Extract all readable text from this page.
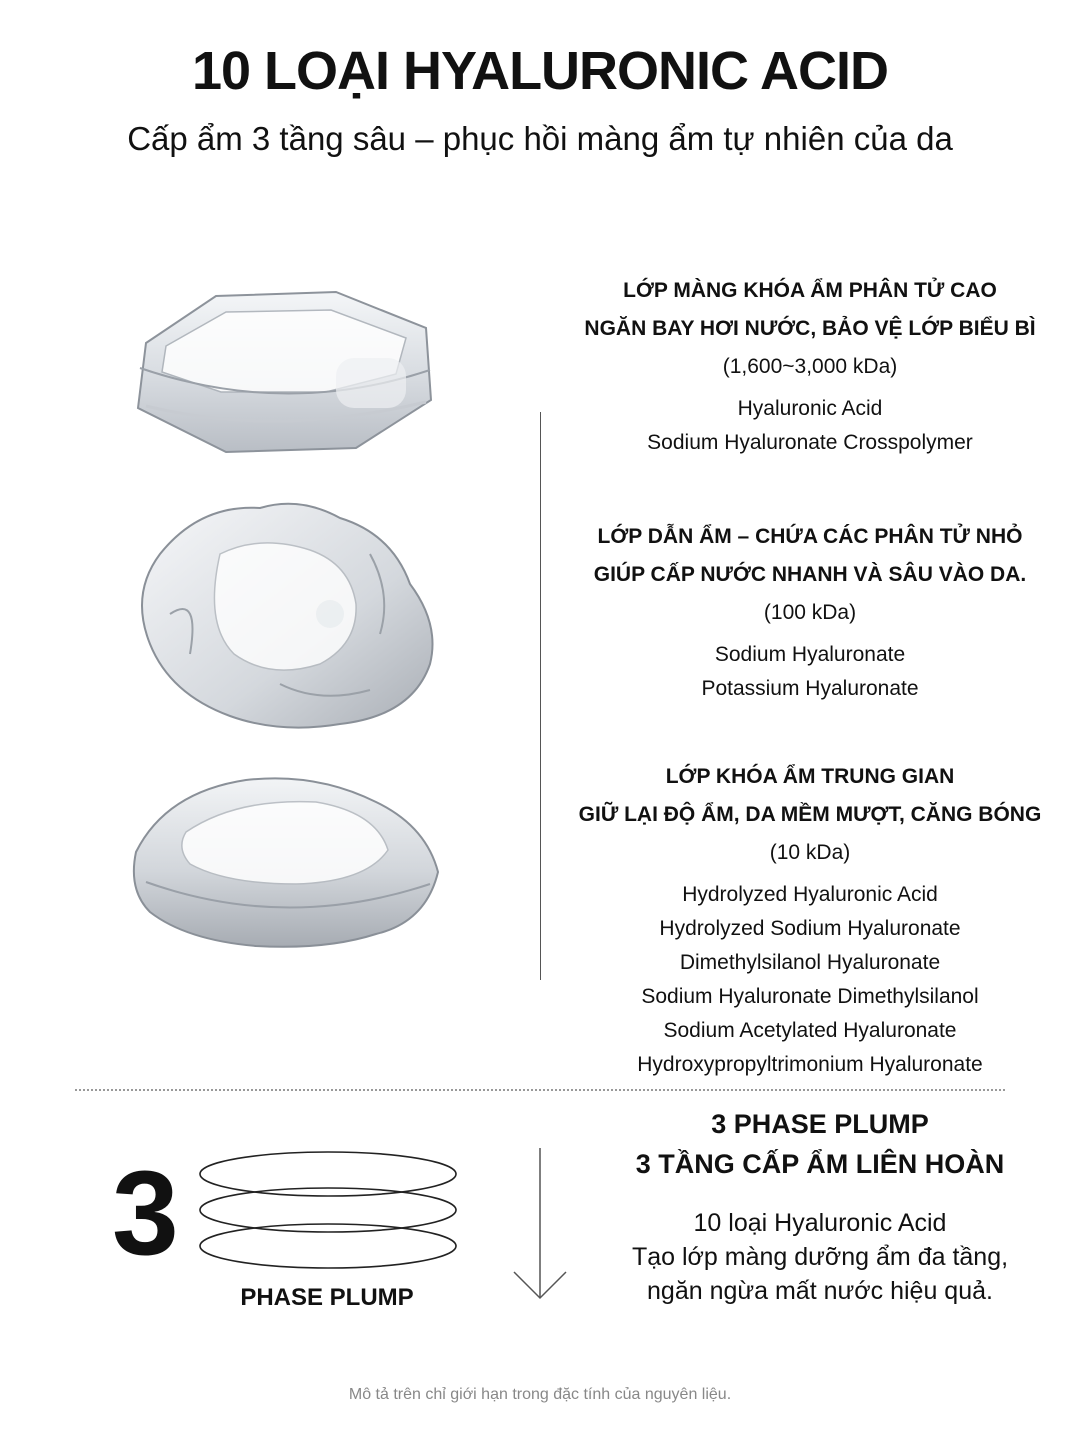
10 LOẠI HYALURONIC ACID
Cấp ẩm 3 tầng sâu – phục hồi màng ẩm tự nhiên của da
LỚP MÀNG KHÓA ẨM PHÂN TỬ CAO
NGĂN BAY HƠI NƯỚC, BẢO VỆ LỚP BIỂU BÌ
(1,600~3,000 kDa)
Hyaluronic Acid
Sodium Hyaluronate Crosspolymer
LỚP DẪN ẨM – CHỨA CÁC PHÂN TỬ NHỎ
GIÚP CẤP NƯỚC NHANH VÀ SÂU VÀO DA.
(100 kDa)
Sodium Hyaluronate
Potassium Hyaluronate
LỚP KHÓA ẨM TRUNG GIAN
GIỮ LẠI ĐỘ ẨM, DA MỀM MƯỢT, CĂNG BÓNG
(10 kDa)
Hydrolyzed Hyaluronic Acid
Hydrolyzed Sodium Hyaluronate
Dimethylsilanol Hyaluronate
Sodium Hyaluronate Dimethylsilanol
Sodium Acetylated Hyaluronate
Hydroxypropyltrimonium Hyaluronate
3
PHASE PLUMP
3 PHASE PLUMP
3 TẦNG CẤP ẨM LIÊN HOÀN
10 loại Hyaluronic Acid
Tạo lớp màng dưỡng ẩm đa tầng,
ngăn ngừa mất nước hiệu quả.
Mô tả trên chỉ giới hạn trong đặc tính của nguyên liệu.
